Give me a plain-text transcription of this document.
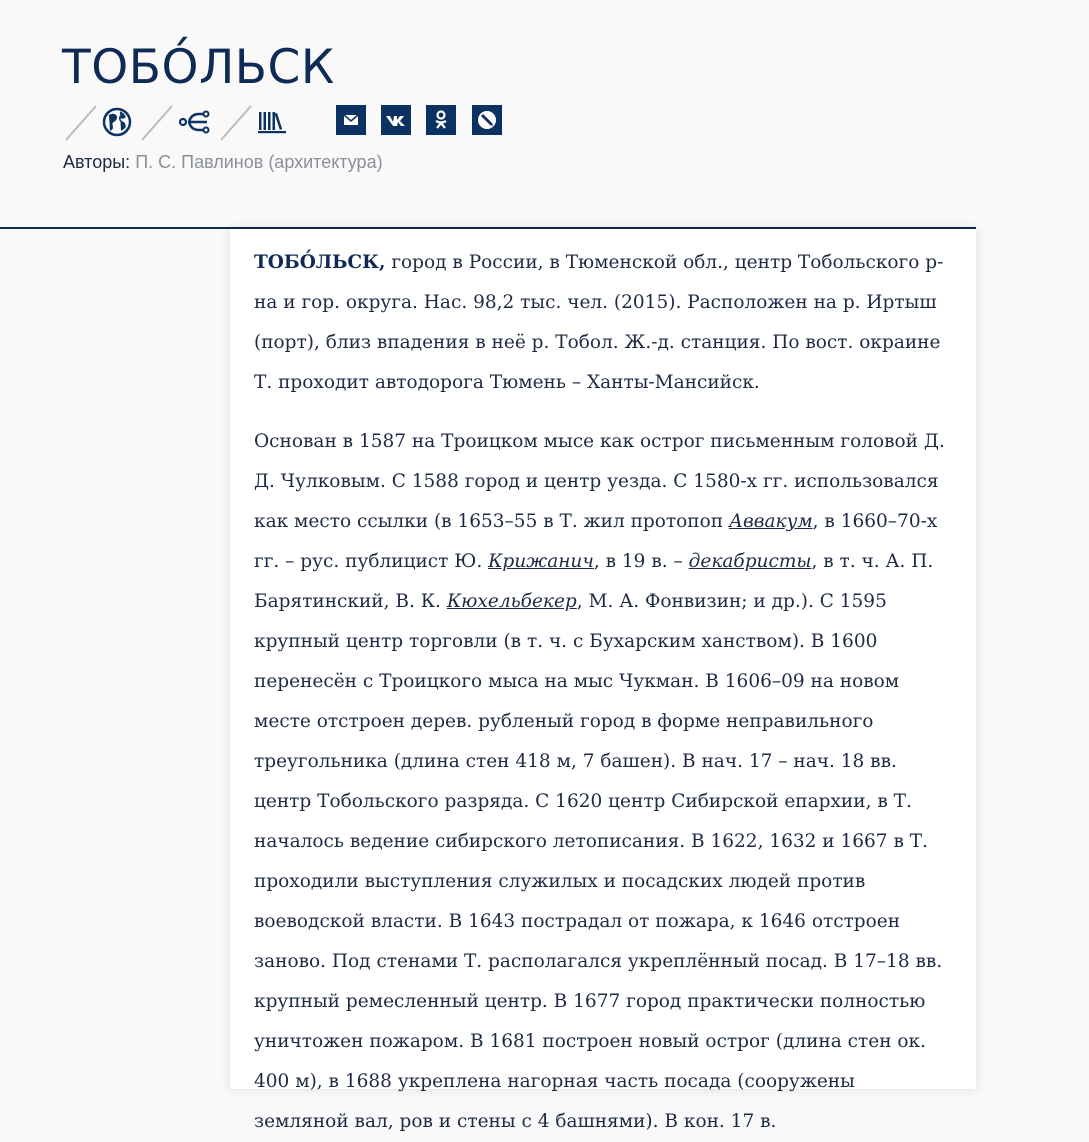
ТОБО́ЛЬСК
Авторы: П. С. Павлинов (архитектура)

ТОБО́ЛЬСК, город в России, в Тюменской обл., центр Тобольского р-на и гор. округа. Нас. 98,2 тыс. чел. (2015). Расположен на р. Иртыш (порт), близ впадения в неё р. Тобол. Ж.-д. станция. По вост. окраине Т. проходит автодорога Тюмень – Ханты-Мансийск.

Основан в 1587 на Троицком мысе как острог письменным головой Д. Д. Чулковым. С 1588 город и центр уезда. С 1580-х гг. использовался как место ссылки (в 1653–55 в Т. жил протопоп Аввакум, в 1660–70-х гг. – рус. публицист Ю. Крижанич, в 19 в. – декабристы, в т. ч. А. П. Барятинский, В. К. Кюхельбекер, М. А. Фонвизин; и др.). С 1595 крупный центр торговли (в т. ч. с Бухарским ханством). В 1600 перенесён с Троицкого мыса на мыс Чукман. В 1606–09 на новом месте отстроен дерев. рубленый город в форме неправильного треугольника (длина стен 418 м, 7 башен). В нач. 17 – нач. 18 вв. центр Тобольского разряда. С 1620 центр Сибирской епархии, в Т. началось ведение сибирского летописания. В 1622, 1632 и 1667 в Т. проходили выступления служилых и посадских людей против воеводской власти. В 1643 пострадал от пожара, к 1646 отстроен заново. Под стенами Т. располагался укреплённый посад. В 17–18 вв. крупный ремесленный центр. В 1677 город практически полностью уничтожен пожаром. В 1681 построен новый острог (длина стен ок. 400 м), в 1688 укреплена нагорная часть посада (сооружены земляной вал, ров и стены с 4 башнями). В кон. 17 в.
